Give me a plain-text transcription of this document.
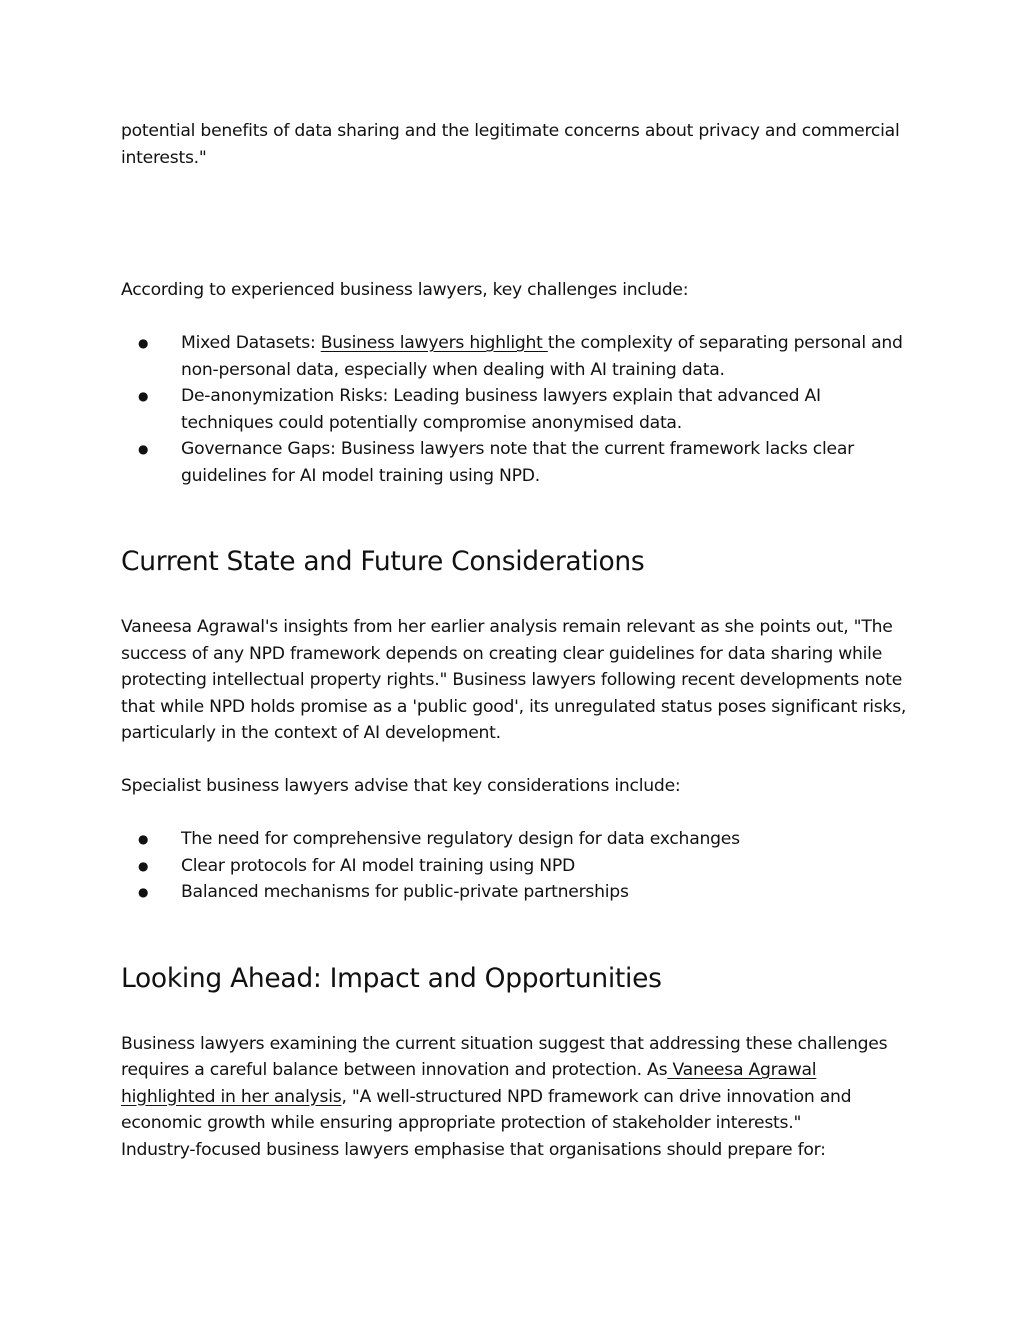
potential benefits of data sharing and the legitimate concerns about privacy and commercial interests."

According to experienced business lawyers, key challenges include:

● Mixed Datasets: Business lawyers highlight the complexity of separating personal and non-personal data, especially when dealing with AI training data.
● De-anonymization Risks: Leading business lawyers explain that advanced AI techniques could potentially compromise anonymised data.
● Governance Gaps: Business lawyers note that the current framework lacks clear guidelines for AI model training using NPD.
Current State and Future Considerations

Vaneesa Agrawal's insights from her earlier analysis remain relevant as she points out, "The success of any NPD framework depends on creating clear guidelines for data sharing while protecting intellectual property rights." Business lawyers following recent developments note that while NPD holds promise as a 'public good', its unregulated status poses significant risks, particularly in the context of AI development.

Specialist business lawyers advise that key considerations include:

● The need for comprehensive regulatory design for data exchanges
● Clear protocols for AI model training using NPD
● Balanced mechanisms for public-private partnerships
Looking Ahead: Impact and Opportunities

Business lawyers examining the current situation suggest that addressing these challenges requires a careful balance between innovation and protection. As Vaneesa Agrawal highlighted in her analysis, "A well-structured NPD framework can drive innovation and economic growth while ensuring appropriate protection of stakeholder interests."

Industry-focused business lawyers emphasise that organisations should prepare for:
